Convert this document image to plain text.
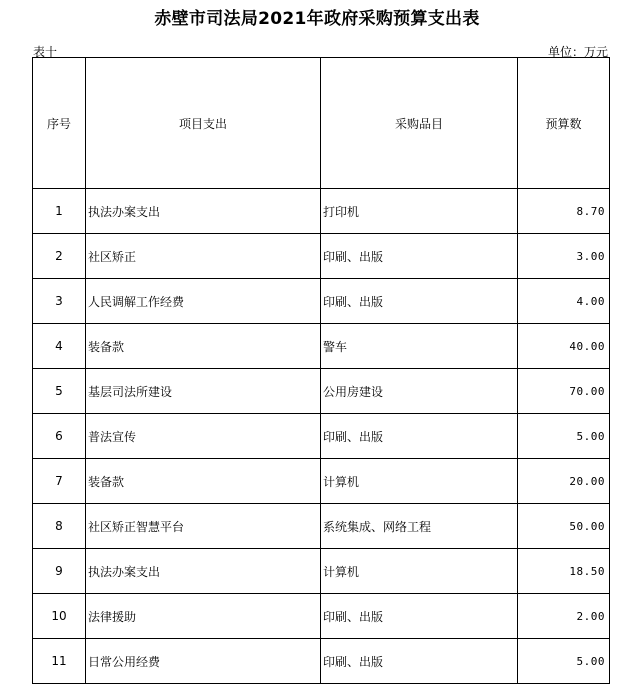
赤壁市司法局2021年政府采购预算支出表
表十	单位：万元
序号	项目支出	采购品目	预算数
1	执法办案支出	打印机	8.70
2	社区矫正	印刷、出版	3.00
3	人民调解工作经费	印刷、出版	4.00
4	装备款	警车	40.00
5	基层司法所建设	公用房建设	70.00
6	普法宣传	印刷、出版	5.00
7	装备款	计算机	20.00
8	社区矫正智慧平台	系统集成、网络工程	50.00
9	执法办案支出	计算机	18.50
10	法律援助	印刷、出版	2.00
11	日常公用经费	印刷、出版	5.00
